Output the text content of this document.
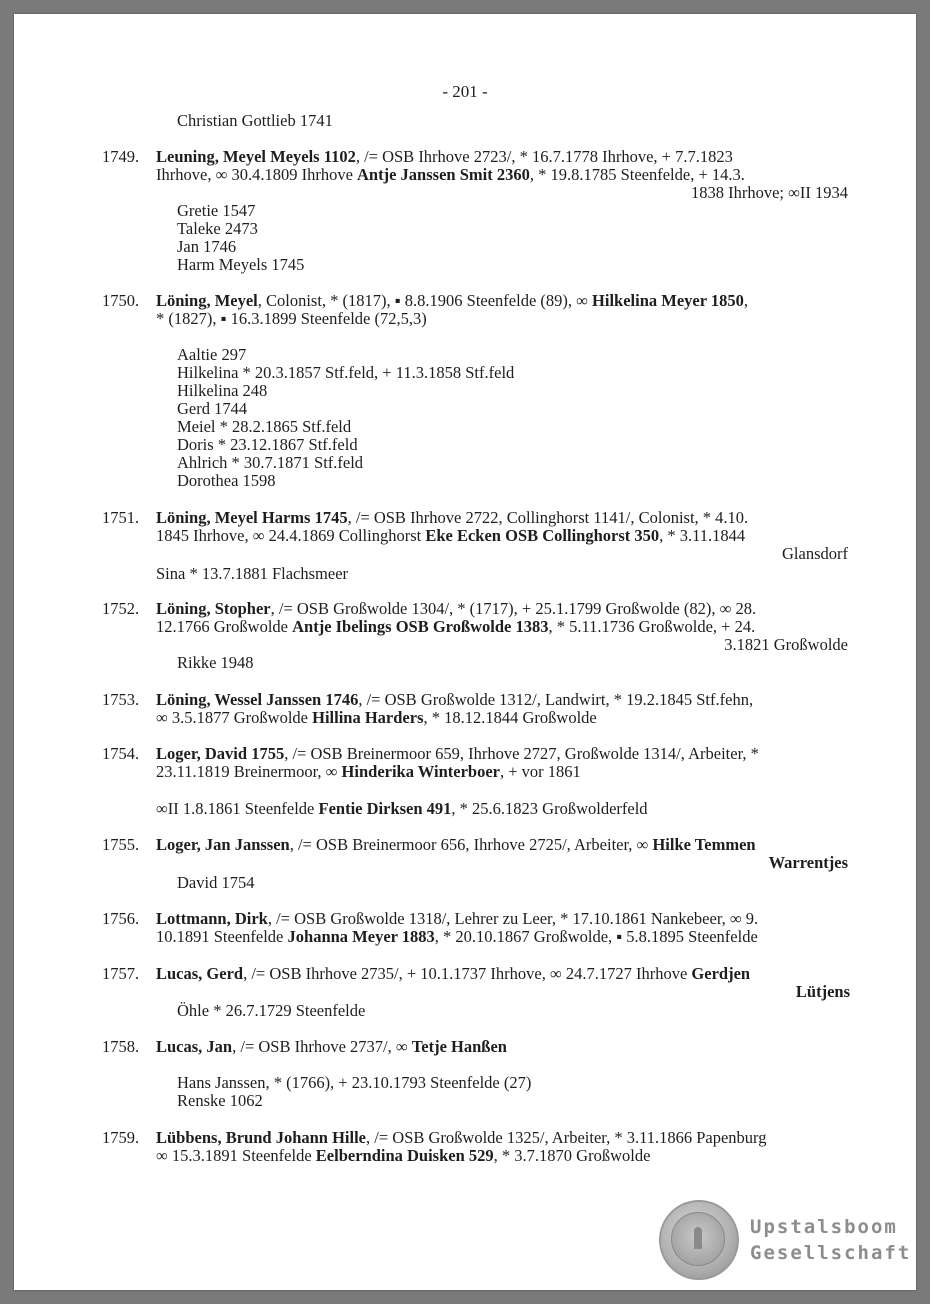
- 201 -
Christian Gottlieb 1741
1749. Leuning, Meyel Meyels 1102, /= OSB Ihrhove 2723/, * 16.7.1778 Ihrhove, + 7.7.1823
Ihrhove, ∞ 30.4.1809 Ihrhove Antje Janssen Smit 2360, * 19.8.1785 Steenfelde, + 14.3.
1838 Ihrhove; ∞II 1934
Gretie 1547
Taleke 2473
Jan 1746
Harm Meyels 1745
1750. Löning, Meyel, Colonist, * (1817), ▪ 8.8.1906 Steenfelde (89), ∞ Hilkelina Meyer 1850,
* (1827), ▪ 16.3.1899 Steenfelde (72,5,3)
Aaltie 297
Hilkelina * 20.3.1857 Stf.feld, + 11.3.1858 Stf.feld
Hilkelina 248
Gerd 1744
Meiel * 28.2.1865 Stf.feld
Doris * 23.12.1867 Stf.feld
Ahlrich * 30.7.1871 Stf.feld
Dorothea 1598
1751. Löning, Meyel Harms 1745, /= OSB Ihrhove 2722, Collinghorst 1141/, Colonist, * 4.10.
1845 Ihrhove, ∞ 24.4.1869 Collinghorst Eke Ecken OSB Collinghorst 350, * 3.11.1844
Glansdorf
Sina * 13.7.1881 Flachsmeer
1752. Löning, Stopher, /= OSB Großwolde 1304/, * (1717), + 25.1.1799 Großwolde (82), ∞ 28.
12.1766 Großwolde Antje Ibelings OSB Großwolde 1383, * 5.11.1736 Großwolde, + 24.
3.1821 Großwolde
Rikke 1948
1753. Löning, Wessel Janssen 1746, /= OSB Großwolde 1312/, Landwirt, * 19.2.1845 Stf.fehn,
∞ 3.5.1877 Großwolde Hillina Harders, * 18.12.1844 Großwolde
1754. Loger, David 1755, /= OSB Breinermoor 659, Ihrhove 2727, Großwolde 1314/, Arbeiter, *
23.11.1819 Breinermoor, ∞ Hinderika Winterboer, + vor 1861
∞II 1.8.1861 Steenfelde Fentie Dirksen 491, * 25.6.1823 Großwolderfeld
1755. Loger, Jan Janssen, /= OSB Breinermoor 656, Ihrhove 2725/, Arbeiter, ∞ Hilke Temmen
Warrentjes
David 1754
1756. Lottmann, Dirk, /= OSB Großwolde 1318/, Lehrer zu Leer, * 17.10.1861 Nankebeer, ∞ 9.
10.1891 Steenfelde Johanna Meyer 1883, * 20.10.1867 Großwolde, ▪ 5.8.1895 Steenfelde
1757. Lucas, Gerd, /= OSB Ihrhove 2735/, + 10.1.1737 Ihrhove, ∞ 24.7.1727 Ihrhove Gerdjen
Lütjens
Öhle * 26.7.1729 Steenfelde
1758. Lucas, Jan, /= OSB Ihrhove 2737/, ∞ Tetje Hanßen
Hans Janssen, * (1766), + 23.10.1793 Steenfelde (27)
Renske 1062
1759. Lübbens, Brund Johann Hille, /= OSB Großwolde 1325/, Arbeiter, * 3.11.1866 Papenburg
∞ 15.3.1891 Steenfelde Eelberndina Duisken 529, * 3.7.1870 Großwolde
Upstalsboom
Gesellschaft
